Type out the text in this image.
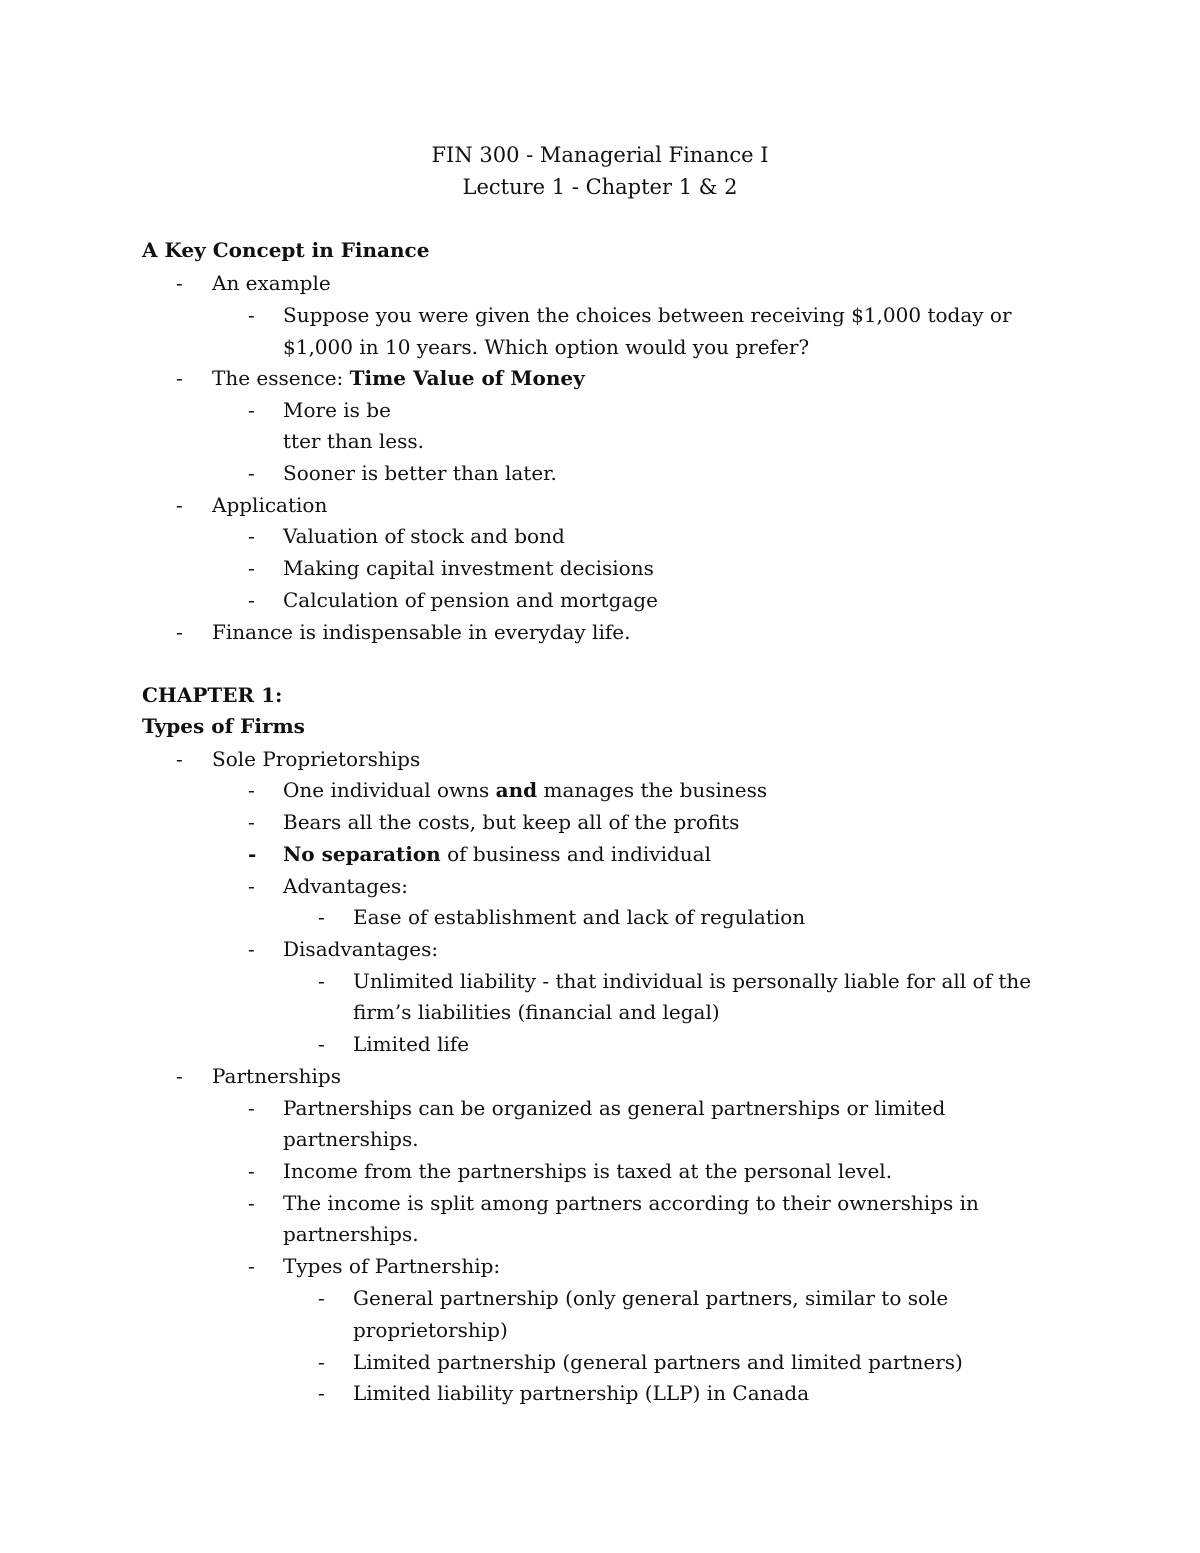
FIN 300 - Managerial Finance I
Lecture 1 - Chapter 1 & 2
A Key Concept in Finance
- An example
- Suppose you were given the choices between receiving $1,000 today or
$1,000 in 10 years. Which option would you prefer?
- The essence: Time Value of Money
- More is be
tter than less.
- Sooner is better than later.
- Application
- Valuation of stock and bond
- Making capital investment decisions
- Calculation of pension and mortgage
- Finance is indispensable in everyday life.
CHAPTER 1:
Types of Firms
- Sole Proprietorships
- One individual owns and manages the business
- Bears all the costs, but keep all of the profits
- No separation of business and individual
- Advantages:
- Ease of establishment and lack of regulation
- Disadvantages:
- Unlimited liability - that individual is personally liable for all of the
firm’s liabilities (financial and legal)
- Limited life
- Partnerships
- Partnerships can be organized as general partnerships or limited
partnerships.
- Income from the partnerships is taxed at the personal level.
- The income is split among partners according to their ownerships in
partnerships.
- Types of Partnership:
- General partnership (only general partners, similar to sole
proprietorship)
- Limited partnership (general partners and limited partners)
- Limited liability partnership (LLP) in Canada
